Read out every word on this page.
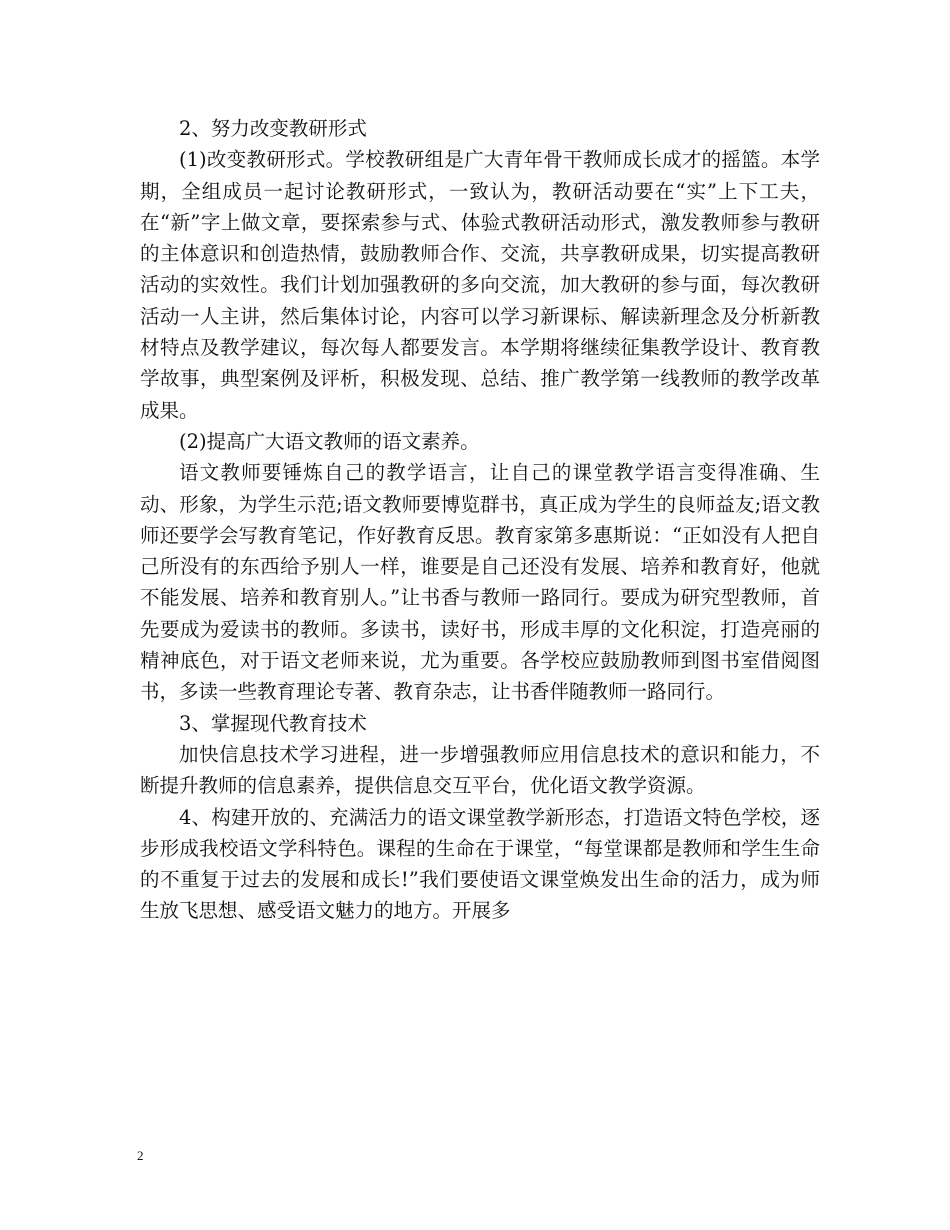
2、努力改变教研形式

(1)改变教研形式。学校教研组是广大青年骨干教师成长成才的摇篮。本学期，全组成员一起讨论教研形式，一致认为，教研活动要在“实”上下工夫，在“新”字上做文章，要探索参与式、体验式教研活动形式，激发教师参与教研的主体意识和创造热情，鼓励教师合作、交流，共享教研成果，切实提高教研活动的实效性。我们计划加强教研的多向交流，加大教研的参与面，每次教研活动一人主讲，然后集体讨论，内容可以学习新课标、解读新理念及分析新教材特点及教学建议，每次每人都要发言。本学期将继续征集教学设计、教育教学故事，典型案例及评析，积极发现、总结、推广教学第一线教师的教学改革成果。

(2)提高广大语文教师的语文素养。

语文教师要锤炼自己的教学语言，让自己的课堂教学语言变得准确、生动、形象，为学生示范;语文教师要博览群书，真正成为学生的良师益友;语文教师还要学会写教育笔记，作好教育反思。教育家第多惠斯说：“正如没有人把自己所没有的东西给予别人一样，谁要是自己还没有发展、培养和教育好，他就不能发展、培养和教育别人。”让书香与教师一路同行。要成为研究型教师，首先要成为爱读书的教师。多读书，读好书，形成丰厚的文化积淀，打造亮丽的精神底色，对于语文老师来说，尤为重要。各学校应鼓励教师到图书室借阅图书，多读一些教育理论专著、教育杂志，让书香伴随教师一路同行。

3、掌握现代教育技术

加快信息技术学习进程，进一步增强教师应用信息技术的意识和能力，不断提升教师的信息素养，提供信息交互平台，优化语文教学资源。

4、构建开放的、充满活力的语文课堂教学新形态，打造语文特色学校，逐步形成我校语文学科特色。课程的生命在于课堂，“每堂课都是教师和学生生命的不重复于过去的发展和成长!”我们要使语文课堂焕发出生命的活力，成为师生放飞思想、感受语文魅力的地方。开展多

2
